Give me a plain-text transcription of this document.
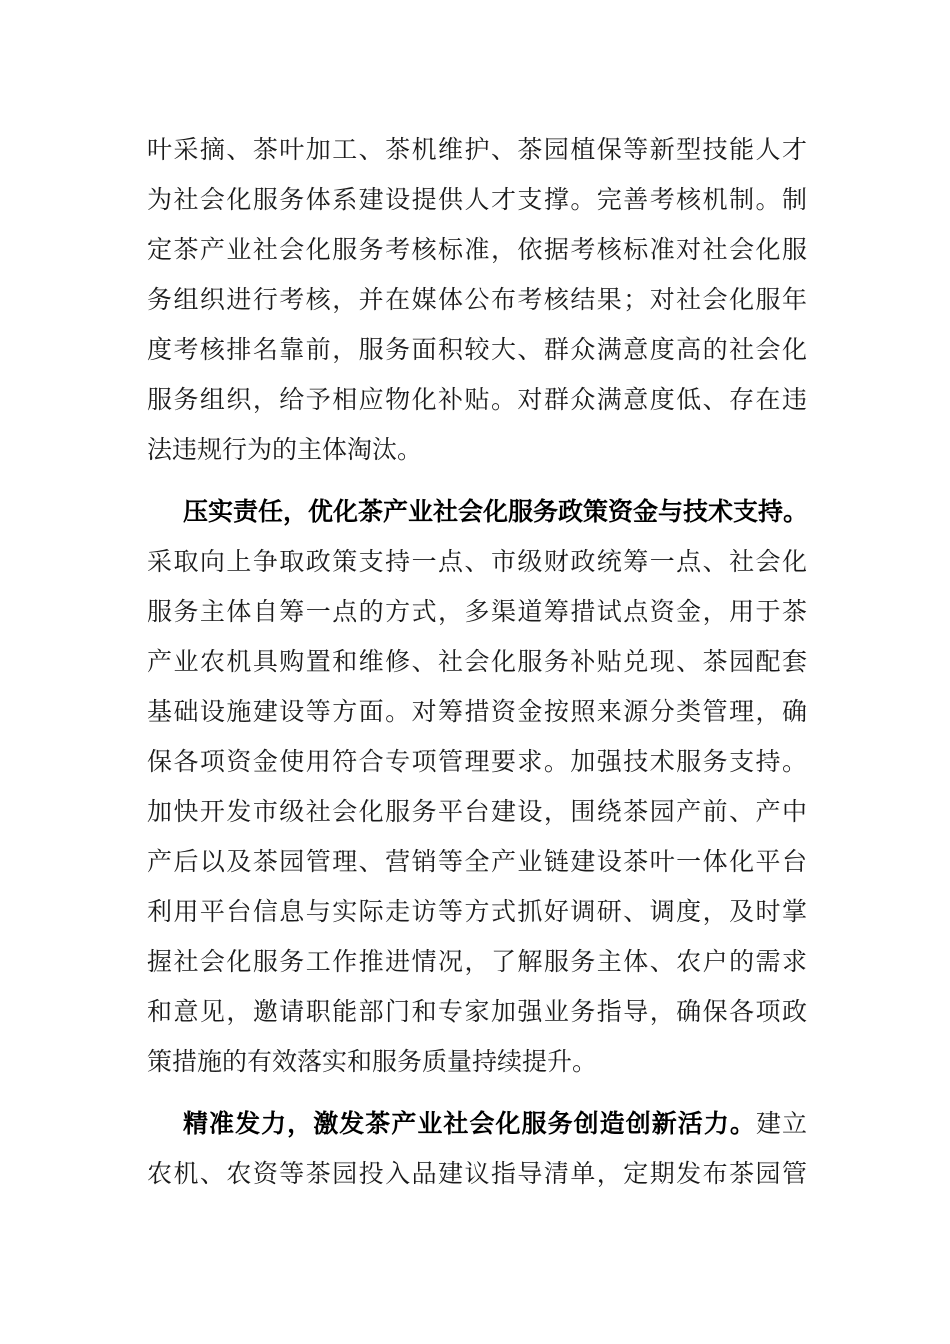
叶采摘、茶叶加工、茶机维护、茶园植保等新型技能人才
为社会化服务体系建设提供人才支撑。完善考核机制。制
定茶产业社会化服务考核标准，依据考核标准对社会化服
务组织进行考核，并在媒体公布考核结果；对社会化服年
度考核排名靠前，服务面积较大、群众满意度高的社会化
服务组织，给予相应物化补贴。对群众满意度低、存在违
法违规行为的主体淘汰。
压实责任，优化茶产业社会化服务政策资金与技术支持。
采取向上争取政策支持一点、市级财政统筹一点、社会化
服务主体自筹一点的方式，多渠道筹措试点资金，用于茶
产业农机具购置和维修、社会化服务补贴兑现、茶园配套
基础设施建设等方面。对筹措资金按照来源分类管理，确
保各项资金使用符合专项管理要求。加强技术服务支持。
加快开发市级社会化服务平台建设，围绕茶园产前、产中
产后以及茶园管理、营销等全产业链建设茶叶一体化平台
利用平台信息与实际走访等方式抓好调研、调度，及时掌
握社会化服务工作推进情况，了解服务主体、农户的需求
和意见，邀请职能部门和专家加强业务指导，确保各项政
策措施的有效落实和服务质量持续提升。
精准发力，激发茶产业社会化服务创造创新活力。建立
农机、农资等茶园投入品建议指导清单，定期发布茶园管
